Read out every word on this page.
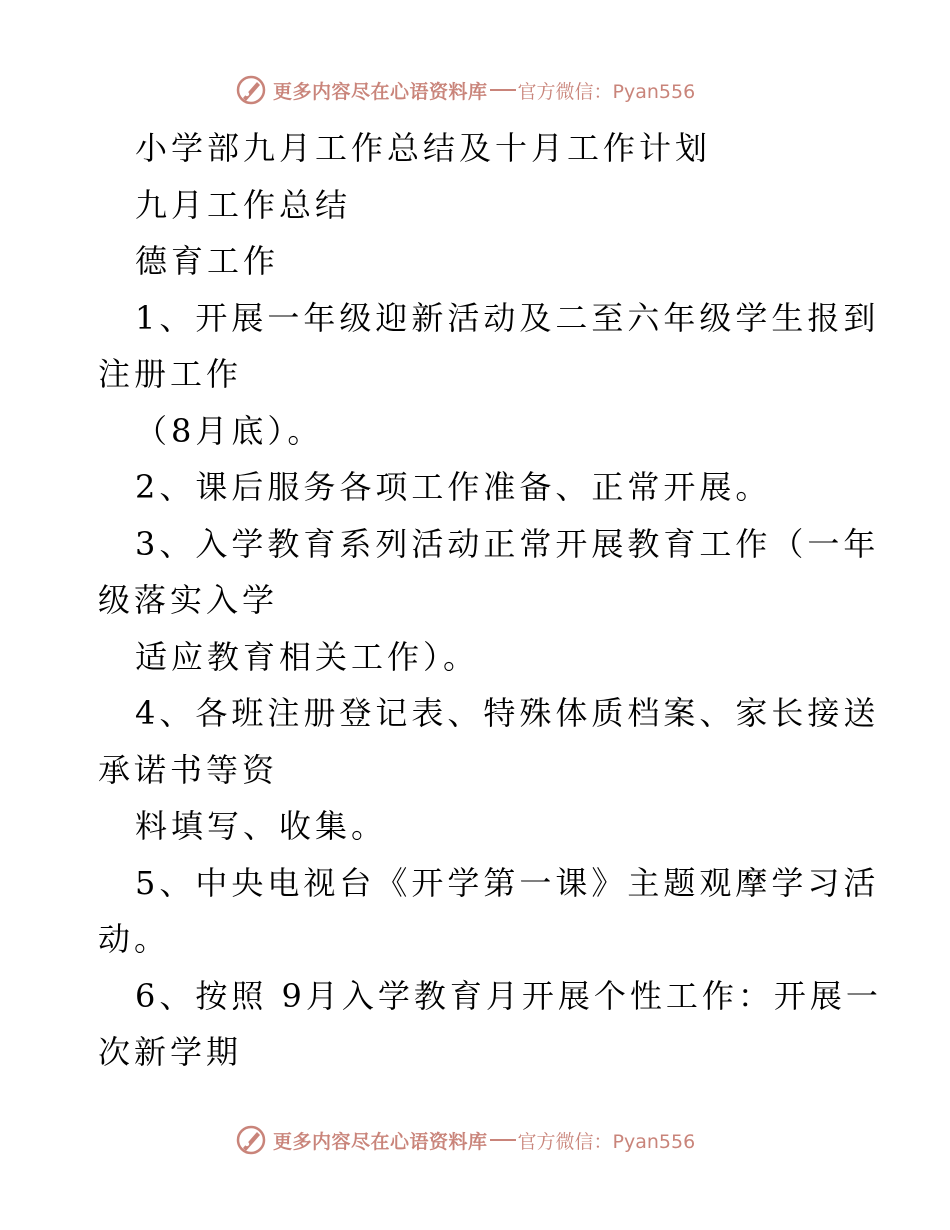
更多内容尽在心语资料库 官方微信：Pyan556
小学部九月工作总结及十月工作计划
九月工作总结
德育工作
1、开展一年级迎新活动及二至六年级学生报到
注册工作
（8月底）。
2、课后服务各项工作准备、正常开展。
3、入学教育系列活动正常开展教育工作（一年
级落实入学
适应教育相关工作）。
4、各班注册登记表、特殊体质档案、家长接送
承诺书等资
料填写、收集。
5、中央电视台《开学第一课》主题观摩学习活
动。
6、按照 9月入学教育月开展个性工作：开展一
次新学期
更多内容尽在心语资料库 官方微信：Pyan556
